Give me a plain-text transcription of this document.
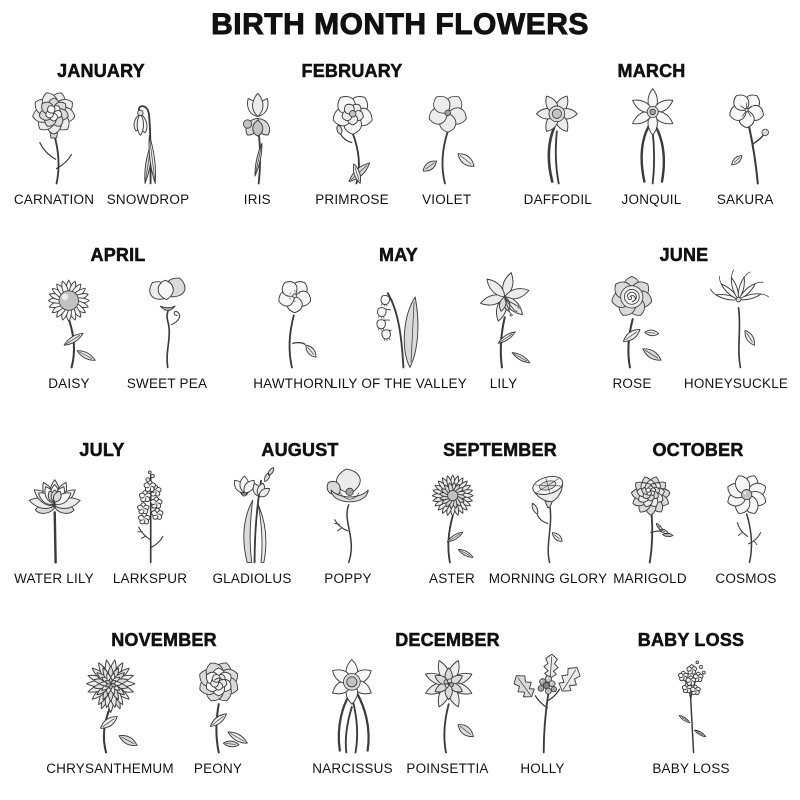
BIRTH MONTH FLOWERS
JANUARY
CARNATION SNOWDROP
FEBRUARY
IRIS	PRIMROSE VIOLET
MARCH
DAFFODIL JONQUIL	SAKURA
APRIL
DAISY	SWEET PEA
MAY
HAWTHORN
LILY OF THE VALLEY LILY
JUNE
ROSE HONEYSUCKLE
JULY
WATER LILY LARKSPUR
AUGUST
GLADIOLUS POPPY
SEPTEMBER
ASTER MORNING GLORY
OCTOBER
MARIGOLD COSMOS
NOVEMBER
CHRYSANTHEMUM PEONY
DECEMBER
NARCISSUS POINSETTIA HOLLY
BABY LOSS
BABY LOSS
